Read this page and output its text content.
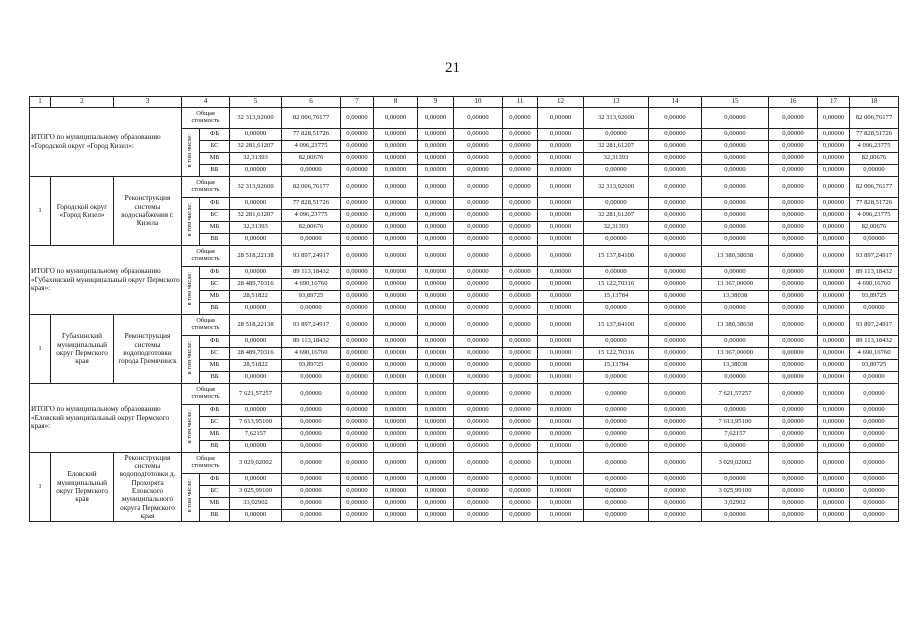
21
1	2	3	4		5	6	7	8	9	10	11	12	13	14	15	16	17	18
ИТОГО по муниципальному образованию «Городской округ «Город Кизел»:			Общая стоимость		32 313,92600	82 006,76177	0,00000	0,00000	0,00000	0,00000	0,00000	0,00000	32 313,92600	0,00000	0,00000	0,00000	0,00000	82 006,76177
			в том числе:	ФБ	0,00000	77 828,51726	0,00000	0,00000	0,00000	0,00000	0,00000	0,00000	0,00000	0,00000	0,00000	0,00000	0,00000	77 828,51726
				БС	32 281,61207	4 096,23775	0,00000	0,00000	0,00000	0,00000	0,00000	0,00000	32 281,61207	0,00000	0,00000	0,00000	0,00000	4 096,23775
				МБ	32,31393	82,00676	0,00000	0,00000	0,00000	0,00000	0,00000	0,00000	32,31393	0,00000	0,00000	0,00000	0,00000	82,00676
				ВБ	0,00000	0,00000	0,00000	0,00000	0,00000	0,00000	0,00000	0,00000	0,00000	0,00000	0,00000	0,00000	0,00000	0,00000
1	Городской округ «Город Кизел»	Реконструкция системы водоснабжения г. Кизела	Общая стоимость		32 313,92600	82 006,76177	0,00000	0,00000	0,00000	0,00000	0,00000	0,00000	32 313,92600	0,00000	0,00000	0,00000	0,00000	82 006,76177
			в том числе:	ФБ	0,00000	77 828,51726	0,00000	0,00000	0,00000	0,00000	0,00000	0,00000	0,00000	0,00000	0,00000	0,00000	0,00000	77 828,51726
				БС	32 281,61207	4 096,23775	0,00000	0,00000	0,00000	0,00000	0,00000	0,00000	32 281,61207	0,00000	0,00000	0,00000	0,00000	4 096,23775
				МБ	32,31393	82,00676	0,00000	0,00000	0,00000	0,00000	0,00000	0,00000	32,31393	0,00000	0,00000	0,00000	0,00000	82,00676
				ВБ	0,00000	0,00000	0,00000	0,00000	0,00000	0,00000	0,00000	0,00000	0,00000	0,00000	0,00000	0,00000	0,00000	0,00000
ИТОГО по муниципальному образованию «Губахинский муниципальный округ Пермского края»:			Общая стоимость		28 518,22138	93 897,24917	0,00000	0,00000	0,00000	0,00000	0,00000	0,00000	15 137,84100	0,00000	13 380,38038	0,00000	0,00000	93 897,24917
			в том числе:	ФБ	0,00000	89 113,18432	0,00000	0,00000	0,00000	0,00000	0,00000	0,00000	0,00000	0,00000	0,00000	0,00000	0,00000	89 113,18432
				БС	28 489,70316	4 690,16760	0,00000	0,00000	0,00000	0,00000	0,00000	0,00000	15 122,70316	0,00000	13 367,00000	0,00000	0,00000	4 690,16760
				МБ	28,51822	93,89725	0,00000	0,00000	0,00000	0,00000	0,00000	0,00000	15,13784	0,00000	13,38038	0,00000	0,00000	93,89725
				ВБ	0,00000	0,00000	0,00000	0,00000	0,00000	0,00000	0,00000	0,00000	0,00000	0,00000	0,00000	0,00000	0,00000	0,00000
1	Губахинский муниципальный округ Пермского края	Реконструкция системы водоподготовки города Гремячинск	Общая стоимость		28 518,22138	93 897,24917	0,00000	0,00000	0,00000	0,00000	0,00000	0,00000	15 137,84100	0,00000	13 380,38038	0,00000	0,00000	93 897,24917
			в том числе:	ФБ	0,00000	89 113,18432	0,00000	0,00000	0,00000	0,00000	0,00000	0,00000	0,00000	0,00000	0,00000	0,00000	0,00000	89 113,18432
				БС	28 489,70316	4 690,16760	0,00000	0,00000	0,00000	0,00000	0,00000	0,00000	15 122,70316	0,00000	13 367,00000	0,00000	0,00000	4 690,16760
				МБ	28,51822	93,89725	0,00000	0,00000	0,00000	0,00000	0,00000	0,00000	15,13784	0,00000	13,38038	0,00000	0,00000	93,89725
				ВБ	0,00000	0,00000	0,00000	0,00000	0,00000	0,00000	0,00000	0,00000	0,00000	0,00000	0,00000	0,00000	0,00000	0,00000
ИТОГО по муниципальному образованию «Еловский муниципальный округ Пермского края»:			Общая стоимость		7 621,57257	0,00000	0,00000	0,00000	0,00000	0,00000	0,00000	0,00000	0,00000	0,00000	7 621,57257	0,00000	0,00000	0,00000
			в том числе:	ФБ	0,00000	0,00000	0,00000	0,00000	0,00000	0,00000	0,00000	0,00000	0,00000	0,00000	0,00000	0,00000	0,00000	0,00000
				БС	7 613,95100	0,00000	0,00000	0,00000	0,00000	0,00000	0,00000	0,00000	0,00000	0,00000	7 613,95100	0,00000	0,00000	0,00000
				МБ	7,62157	0,00000	0,00000	0,00000	0,00000	0,00000	0,00000	0,00000	0,00000	0,00000	7,62157	0,00000	0,00000	0,00000
				ВБ	0,00000	0,00000	0,00000	0,00000	0,00000	0,00000	0,00000	0,00000	0,00000	0,00000	0,00000	0,00000	0,00000	0,00000
1	Еловский муниципальный округ Пермского края	Реконструкция системы водоподготовки д. Прохорята Еловского муниципального округа Пермского края	Общая стоимость		3 029,02002	0,00000	0,00000	0,00000	0,00000	0,00000	0,00000	0,00000	0,00000	0,00000	3 029,02002	0,00000	0,00000	0,00000
			в том числе:	ФБ	0,00000	0,00000	0,00000	0,00000	0,00000	0,00000	0,00000	0,00000	0,00000	0,00000	0,00000	0,00000	0,00000	0,00000
				БС	3 025,99100	0,00000	0,00000	0,00000	0,00000	0,00000	0,00000	0,00000	0,00000	0,00000	3 025,99100	0,00000	0,00000	0,00000
				МБ	33,02902	0,00000	0,00000	0,00000	0,00000	0,00000	0,00000	0,00000	0,00000	0,00000	3,02902	0,00000	0,00000	0,00000
				ВБ	0,00000	0,00000	0,00000	0,00000	0,00000	0,00000	0,00000	0,00000	0,00000	0,00000	0,00000	0,00000	0,00000	0,00000
